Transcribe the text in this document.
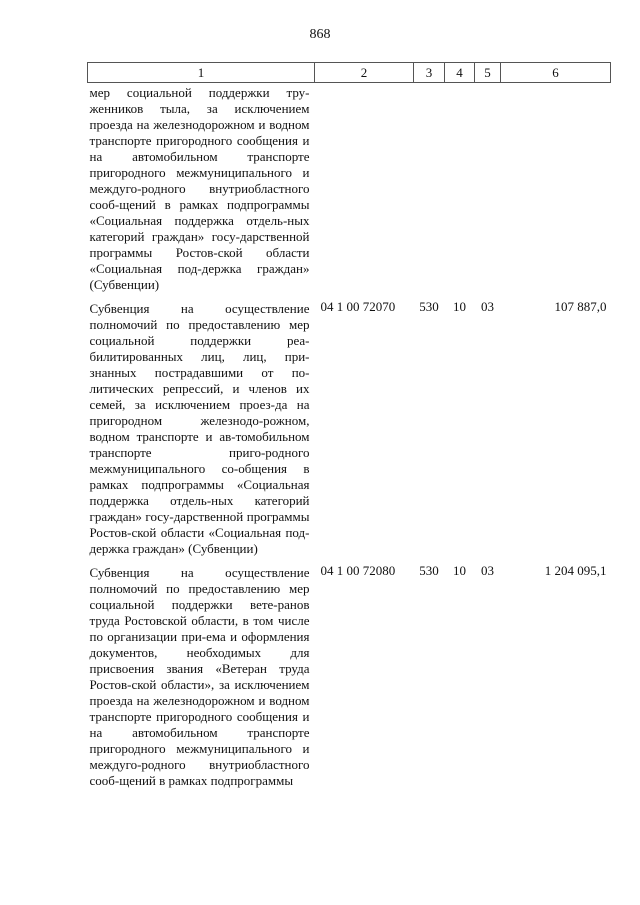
868
1	2	3	4	5	6
мер социальной поддержки тру-женников тыла, за исключением проезда на железнодорожном и водном транспорте пригородного сообщения и на автомобильном транспорте пригородного межмуниципального и междуго-родного внутриобластного сооб-щений в рамках подпрограммы «Социальная поддержка отдель-ных категорий граждан» госу-дарственной программы Ростов-ской области «Социальная под-держка граждан» (Субвенции)					
Субвенция на осуществление полномочий по предоставлению мер социальной поддержки реа-билитированных лиц, лиц, при-знанных пострадавшими от по-литических репрессий, и членов их семей, за исключением проез-да на пригородном железнодо-рожном, водном транспорте и ав-томобильном транспорте приго-родного межмуниципального со-общения в рамках подпрограммы «Социальная поддержка отдель-ных категорий граждан» госу-дарственной программы Ростов-ской области «Социальная под-держка граждан» (Субвенции)	04 1 00 72070	530	10	03	107 887,0
Субвенция на осуществление полномочий по предоставлению мер социальной поддержки вете-ранов труда Ростовской области, в том числе по организации при-ема и оформления документов, необходимых для присвоения звания «Ветеран труда Ростов-ской области», за исключением проезда на железнодорожном и водном транспорте пригородного сообщения и на автомобильном транспорте пригородного межмуниципального и междуго-родного внутриобластного сооб-щений в рамках подпрограммы	04 1 00 72080	530	10	03	1 204 095,1
